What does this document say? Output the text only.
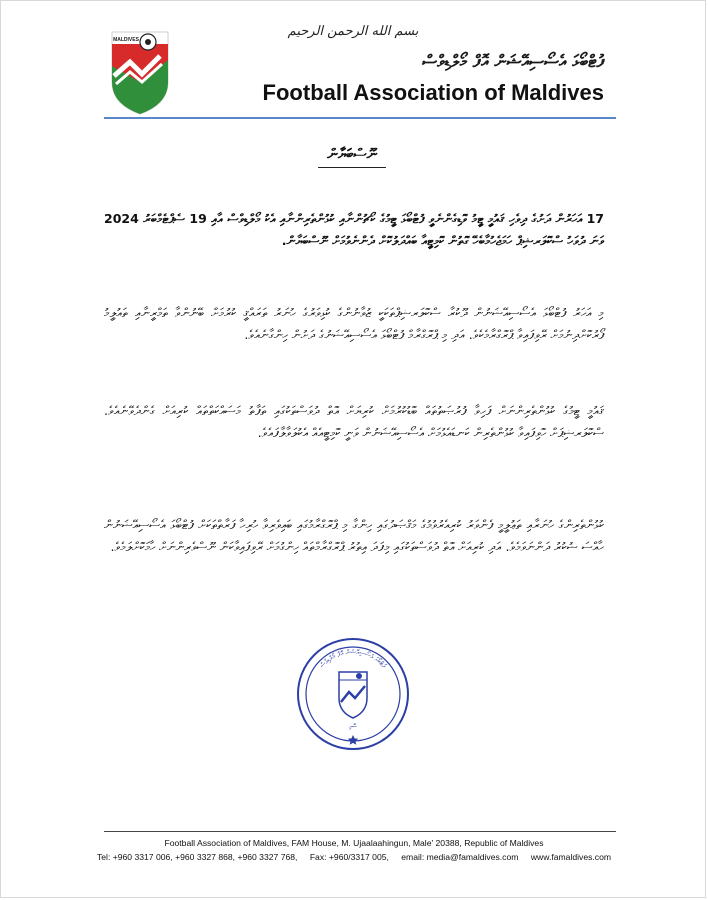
بسم الله الرحمن الرحيم
MALDIVES
ފުޓްބޯޅަ އެސޯސިއޭޝަން އޮފް މޯލްޑިވްސް
Football Association of Maldives
ނޫސްބަޔާން

17 އަހަރުން ދަށުގެ ދިވެހި ޤައުމީ ޓީމު ވޮޑިގެންނެވީ ފުޓްބޯޅަ ޓީމުގެ ކޯޗުންނާއި ކުޅުންތެރިންނާއި އެކު މޯލްޑިވްސް އާއި 19 ސެޕްޓެމްބަރު 2024 ވަނަ ދުވަހު ސްކޮލަރޝިޕް ހަމަޖެހުމާބެހޭ ގޮތުން ކޮމިޓީއާ ބައްދަލުކޮށް ދެންނެވުމަށް ނޫސްބަޔާން.

މި އަހަރު ފުޓްބޯޅަ އެސޯސިއޭޝަނުން ދޫކުރާ ސްކޮލަރޝިޕްތަކަކީ ޒުވާނުންގެ ކުޅިވަރުގެ ހުނަރު ތަރައްޤީ ކުރުމަށް ބޭނުންވާ ތަމްރީނާއި ތައުލީމު ފޯރުކޮށްދިނުމަށް ރޭވިފައިވާ ޕްރޮގްރާމެކެވެ. އަދި މި ޕްރޮގްރާމް ފުޓްބޯޅަ އެސޯސިއޭޝަނުގެ ދަށުން ހިންގާނެއެވެ.

ޤައުމީ ޓީމުގެ ކުޅުންތެރިންނަށް ފަހިވާ ފުރުޞަތުތައް ބޮޑުކުރުމަށް ކުރިޔަށް އޮތް ދުވަސްތަކުގައި ތަފާތު މަސައްކަތްތައް ކުރިއަށް ގެންދެވޭނެއެވެ. ސްކޮލަރޝިޕަށް ހޮވިފައިވާ ކުޅުންތެރިން ކަނޑައެޅުމަށް އެސޯސިއޭޝަނުން ވަނީ ކޮމިޓީއެއް އެކުލަވާލާފައެވެ.

ކުޅުންތެރިންގެ ހުނަރާއި ތަޢުލީމީ ފެންވަރު ކުރިއެރުވުމުގެ މަޤްޞަދުގައި ހިންގާ މި ޕްރޮގްރާމުގައި ބައިވެރިވާ ހުރިހާ ފަރާތްތަކަށް ފުޓްބޯޅަ އެސޯސިއޭޝަނުން ހާއްސަ ޝުކުރު ދަންނަވަމެވެ. އަދި ކުރިއަށް އޮތް ދުވަސްތަކުގައި މިފަދަ އިތުރު ޕްރޮގްރާމްތައް ހިންގުމަށް ރޭވިފައިވާކަން ނޫސްވެރިންނަށް ހާމަކޮށްލަމެވެ.

ފުޓްބޯޅަ އެސޯސިއޭޝަން އޮފް މޯލްޑިވްސް
ސޮއި
Football Association of Maldives, FAM House, M. Ujaalaahingun, Male' 20388, Republic of Maldives
Tel: +960 3317 006, +960 3327 868, +960 3327 768, Fax: +960/3317 005, email: media@famaldives.com www.famaldives.com
